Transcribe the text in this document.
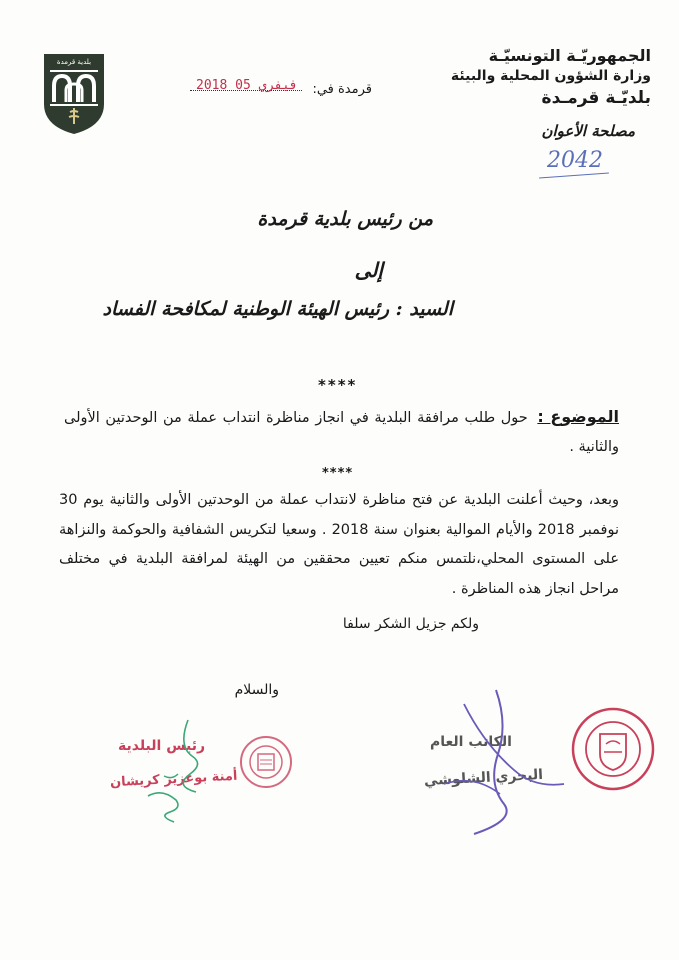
بلدية قرمدة	الجمهوريّـة التونسيّـة
وزارة الشؤون المحلية والبيئة
بلديّـة قرمـدة
مصلحة الأعوان
2042
قرمدة في:
2018 فيفري 05
من رئيس بلدية قرمدة
إلى
السيد : رئيس الهيئة الوطنية لمكافحة الفساد
****
الموضوع : حول طلب مرافقة البلدية في انجاز مناظرة انتداب عملة من الوحدتين الأولى والثانية .
****
وبعد، وحيث أعلنت البلدية عن فتح مناظرة لانتداب عملة من الوحدتين الأولى والثانية يوم 30 نوفمبر 2018 والأيام الموالية بعنوان سنة 2018 . وسعيا لتكريس الشفافية والحوكمة والنزاهة على المستوى المحلي،نلتمس منكم تعيين محققين من الهيئة لمرافقة البلدية في مختلف مراحل انجاز هذه المناظرة .
ولكم جزيل الشكر سلفا
والسلام
رئيس البلدية
أمنة بوعزيز كريشان
الكاتب العام
البحري الشلوشي
